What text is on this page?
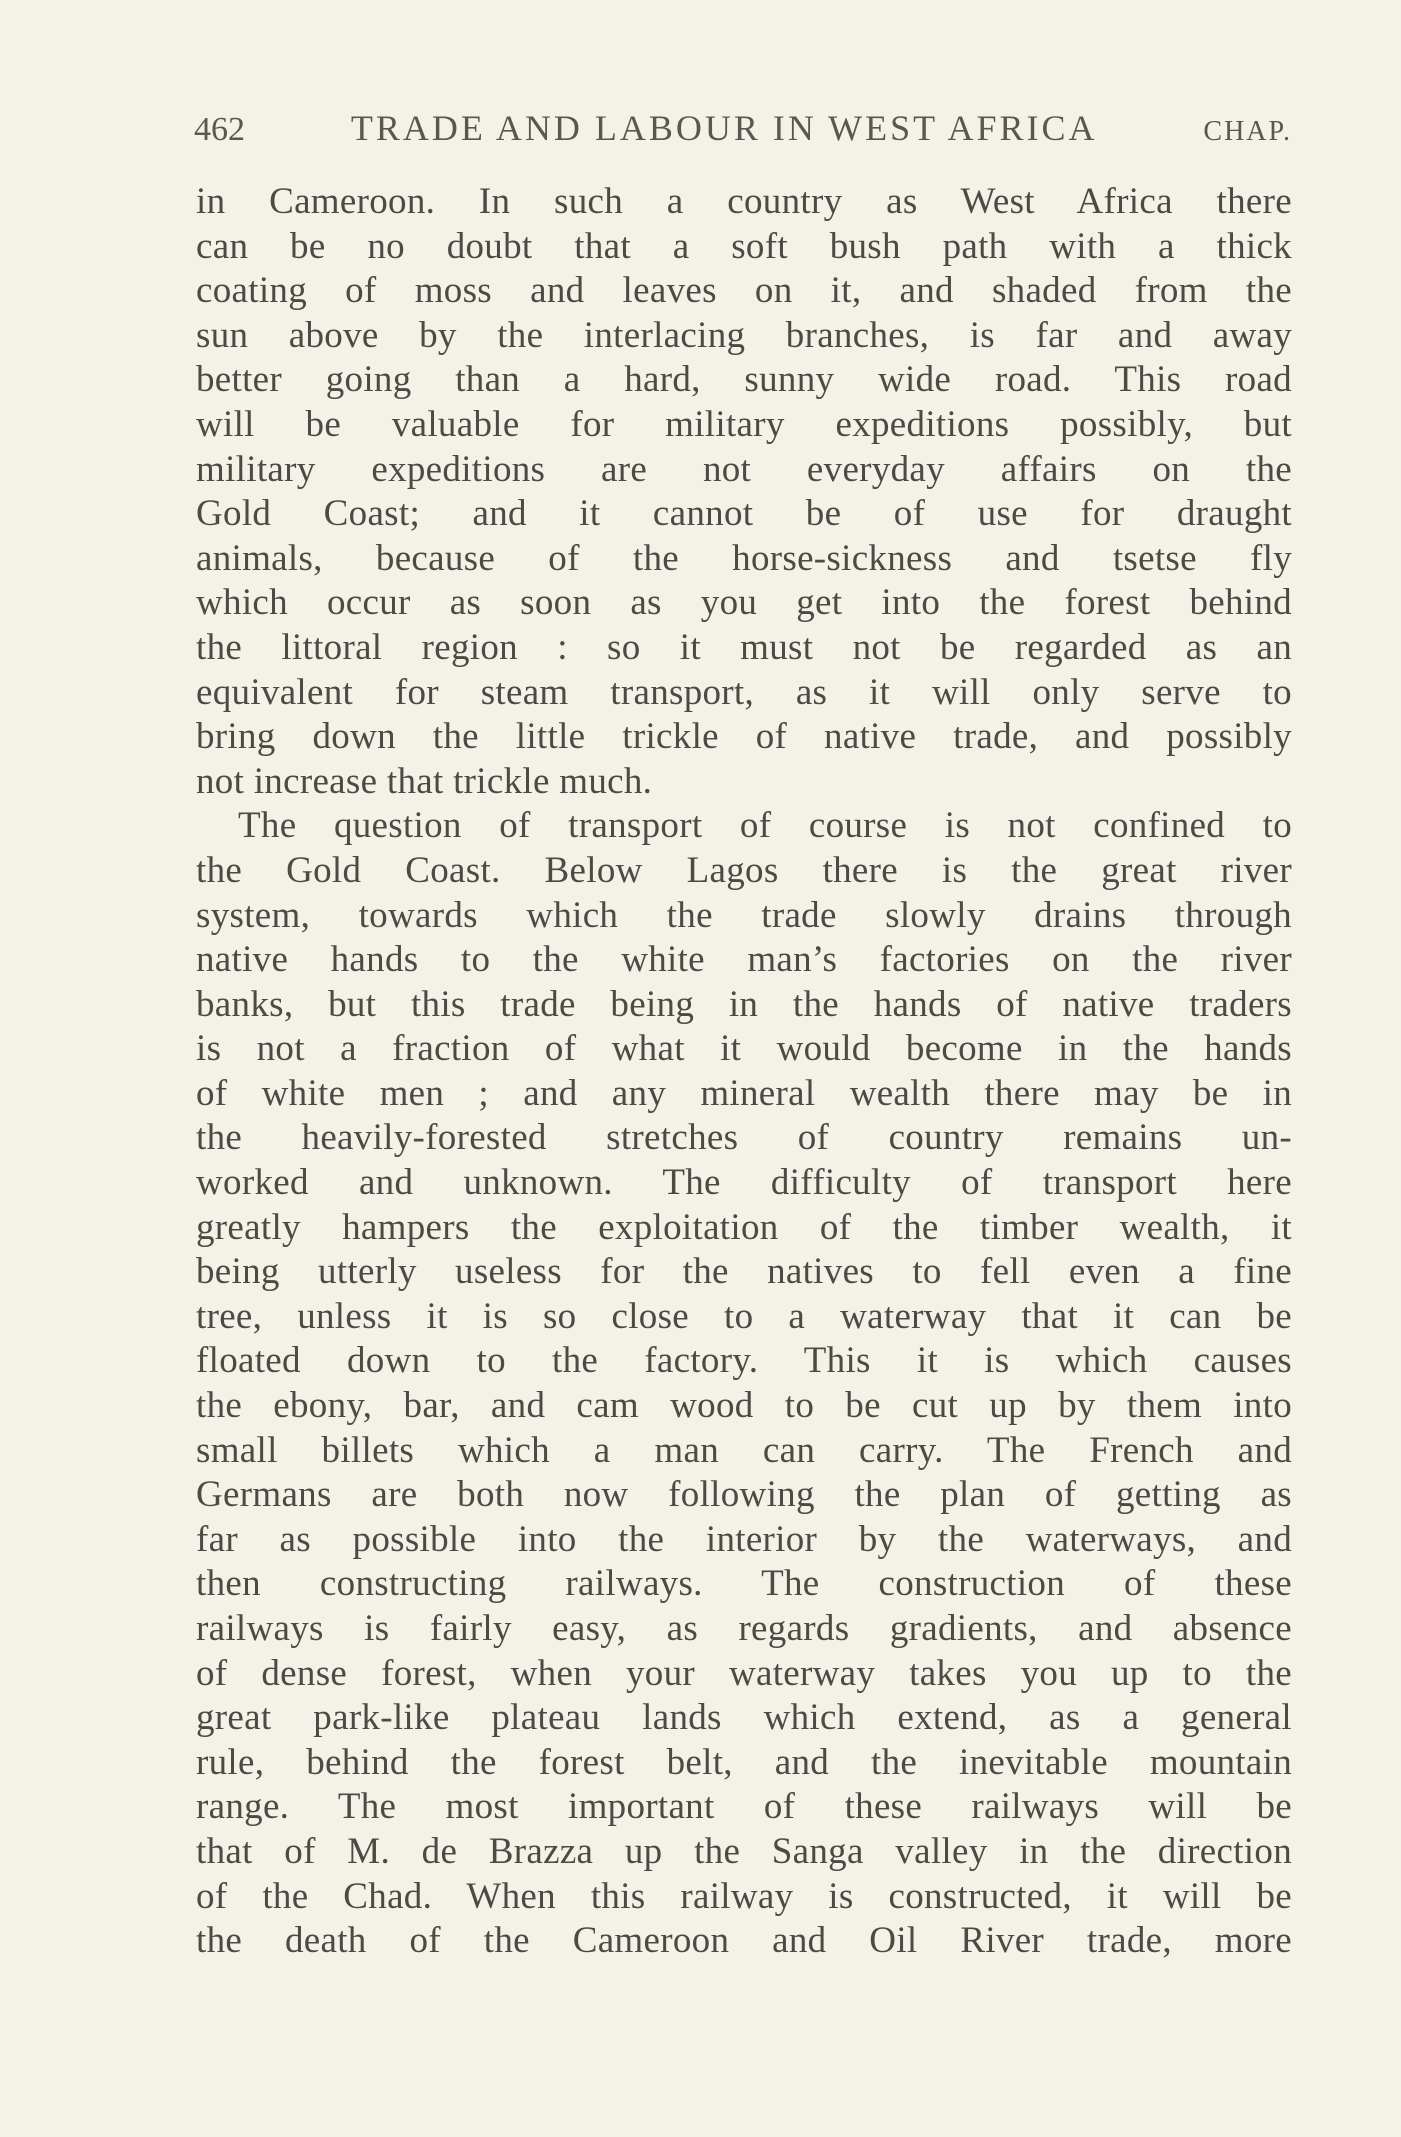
462	TRADE AND LABOUR IN WEST AFRICA	CHAP.
in Cameroon. In such a country as West Africa there
can be no doubt that a soft bush path with a thick
coating of moss and leaves on it, and shaded from the
sun above by the interlacing branches, is far and away
better going than a hard, sunny wide road. This road
will be valuable for military expeditions possibly, but
military expeditions are not everyday affairs on the
Gold Coast; and it cannot be of use for draught
animals, because of the horse-sickness and tsetse fly
which occur as soon as you get into the forest behind
the littoral region : so it must not be regarded as an
equivalent for steam transport, as it will only serve to
bring down the little trickle of native trade, and possibly
not increase that trickle much.
The question of transport of course is not confined to
the Gold Coast. Below Lagos there is the great river
system, towards which the trade slowly drains through
native hands to the white man’s factories on the river
banks, but this trade being in the hands of native traders
is not a fraction of what it would become in the hands
of white men ; and any mineral wealth there may be in
the heavily-forested stretches of country remains un-
worked and unknown. The difficulty of transport here
greatly hampers the exploitation of the timber wealth, it
being utterly useless for the natives to fell even a fine
tree, unless it is so close to a waterway that it can be
floated down to the factory. This it is which causes
the ebony, bar, and cam wood to be cut up by them into
small billets which a man can carry. The French and
Germans are both now following the plan of getting as
far as possible into the interior by the waterways, and
then constructing railways. The construction of these
railways is fairly easy, as regards gradients, and absence
of dense forest, when your waterway takes you up to the
great park-like plateau lands which extend, as a general
rule, behind the forest belt, and the inevitable mountain
range. The most important of these railways will be
that of M. de Brazza up the Sanga valley in the direction
of the Chad. When this railway is constructed, it will be
the death of the Cameroon and Oil River trade, more
